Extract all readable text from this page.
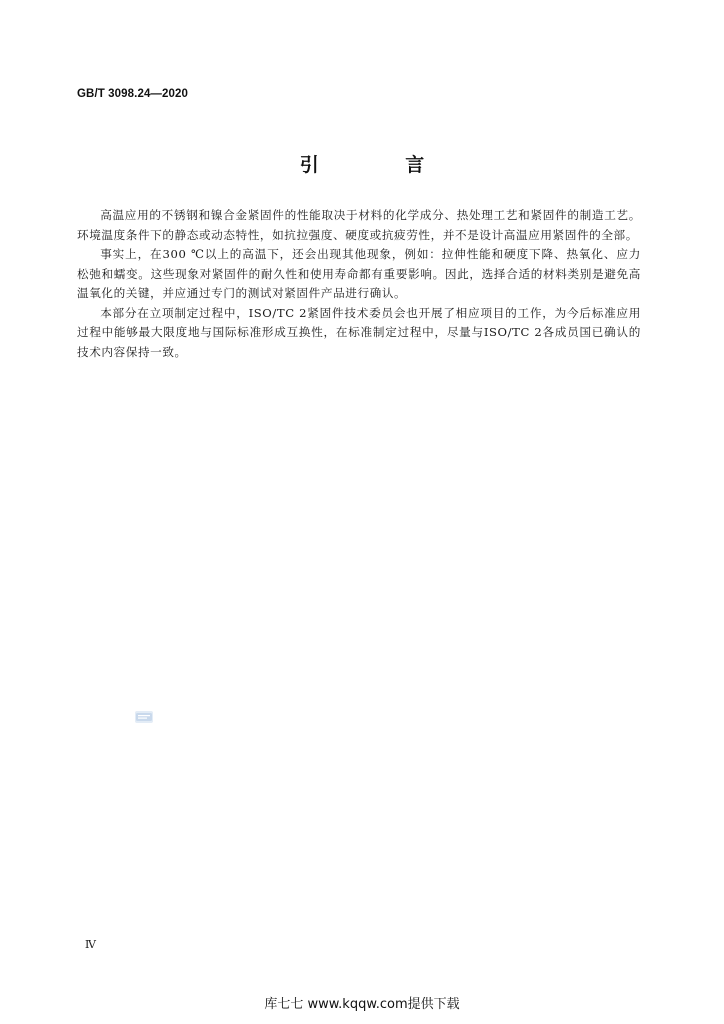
GB/T 3098.24—2020
引 言

高温应用的不锈钢和镍合金紧固件的性能取决于材料的化学成分、热处理工艺和紧固件的制造工艺。环境温度条件下的静态或动态特性，如抗拉强度、硬度或抗疲劳性，并不是设计高温应用紧固件的全部。

事实上，在300 ℃以上的高温下，还会出现其他现象，例如：拉伸性能和硬度下降、热氧化、应力松弛和蠕变。这些现象对紧固件的耐久性和使用寿命都有重要影响。因此，选择合适的材料类别是避免高温氧化的关键，并应通过专门的测试对紧固件产品进行确认。

本部分在立项制定过程中，ISO/TC 2紧固件技术委员会也开展了相应项目的工作，为今后标准应用过程中能够最大限度地与国际标准形成互换性，在标准制定过程中，尽量与ISO/TC 2各成员国已确认的技术内容保持一致。

Ⅳ
库七七 www.kqqw.com提供下载
